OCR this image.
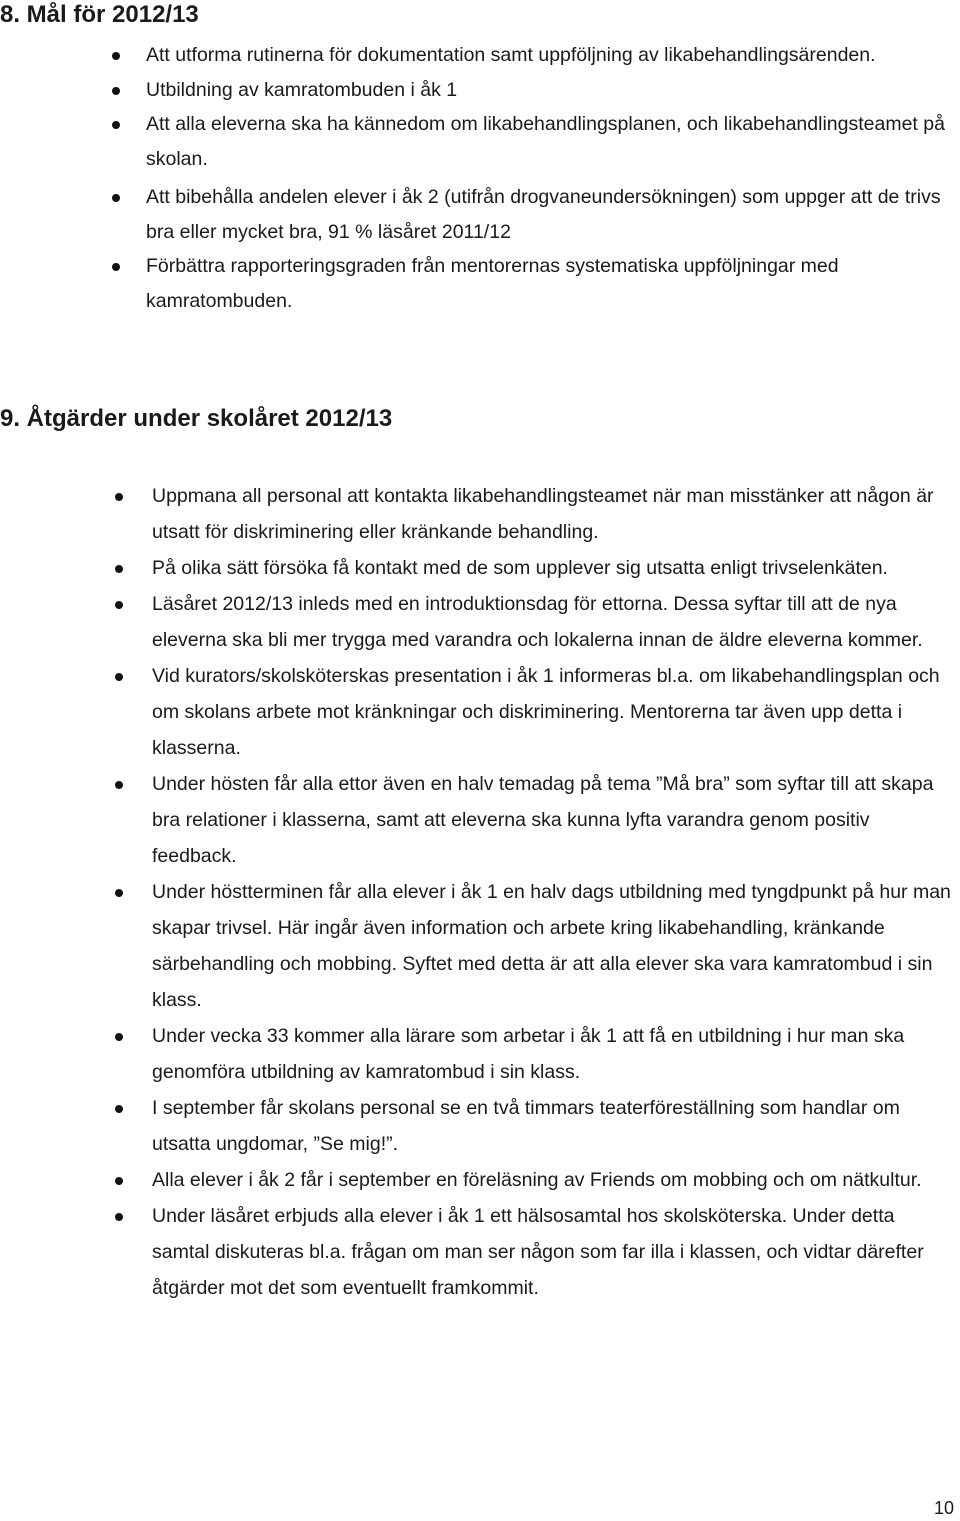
8. Mål för 2012/13
Att utforma rutinerna för dokumentation samt uppföljning av likabehandlingsärenden.
Utbildning av kamratombuden i åk 1
Att alla eleverna ska ha kännedom om likabehandlingsplanen, och likabehandlingsteamet på skolan.
Att bibehålla andelen elever i åk 2 (utifrån drogvaneundersökningen) som uppger att de trivs bra eller mycket bra, 91 % läsåret 2011/12
Förbättra rapporteringsgraden från mentorernas systematiska uppföljningar med kamratombuden.
9. Åtgärder under skolåret 2012/13
Uppmana all personal att kontakta likabehandlingsteamet när man misstänker att någon är utsatt för diskriminering eller kränkande behandling.
På olika sätt försöka få kontakt med de som upplever sig utsatta enligt trivselenkäten.
Läsåret 2012/13 inleds med en introduktionsdag för ettorna. Dessa syftar till att de nya eleverna ska bli mer trygga med varandra och lokalerna innan de äldre eleverna kommer.
Vid kurators/skolsköterskas presentation i åk 1 informeras bl.a. om likabehandlingsplan och om skolans arbete mot kränkningar och diskriminering. Mentorerna tar även upp detta i klasserna.
Under hösten får alla ettor även en halv temadag på tema ”Må bra” som syftar till att skapa bra relationer i klasserna, samt att eleverna ska kunna lyfta varandra genom positiv feedback.
Under höstterminen får alla elever i åk 1 en halv dags utbildning med tyngdpunkt på hur man skapar trivsel. Här ingår även information och arbete kring likabehandling, kränkande särbehandling och mobbing. Syftet med detta är att alla elever ska vara kamratombud i sin klass.
Under vecka 33 kommer alla lärare som arbetar i åk 1 att få en utbildning i hur man ska genomföra utbildning av kamratombud i sin klass.
I september får skolans personal se en två timmars teaterföreställning som handlar om utsatta ungdomar, ”Se mig!”.
Alla elever i åk 2 får i september en föreläsning av Friends om mobbing och om nätkultur.
Under läsåret erbjuds alla elever i åk 1 ett hälsosamtal hos skolsköterska. Under detta samtal diskuteras bl.a. frågan om man ser någon som far illa i klassen, och vidtar därefter åtgärder mot det som eventuellt framkommit.
10
